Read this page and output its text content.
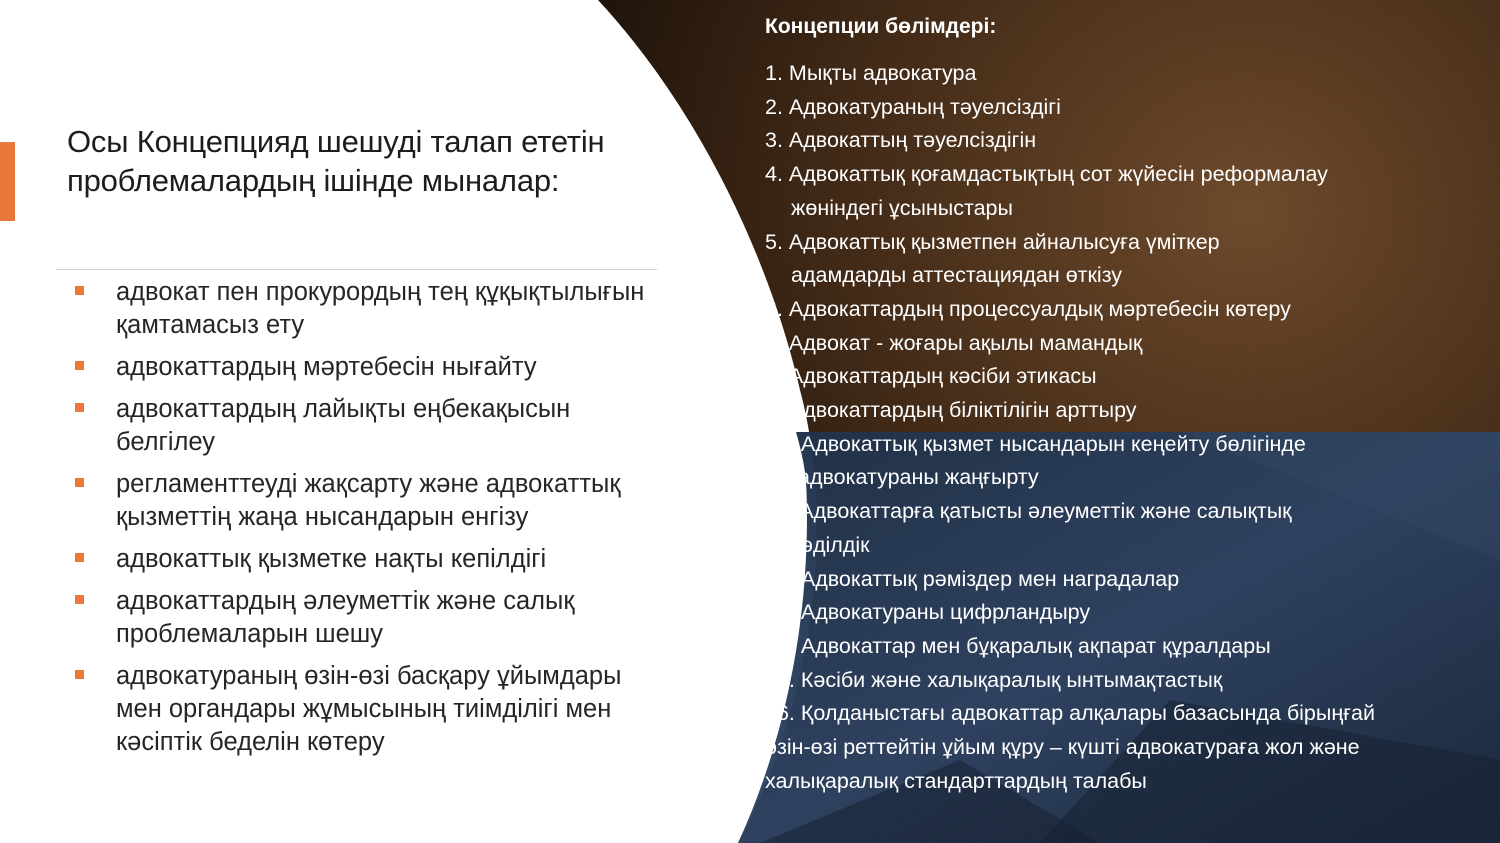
Осы Концепцияд шешуді талап ететін
проблемалардың ішінде мыналар:
адвокат пен прокурордың тең құқықтылығын
қамтамасыз ету
адвокаттардың мәртебесін нығайту
адвокаттардың лайықты еңбекақысын
белгілеу
регламенттеуді жақсарту және адвокаттық
қызметтің жаңа нысандарын енгізу
адвокаттық қызметке нақты кепілдігі
адвокаттардың әлеуметтік және салық
проблемаларын шешу
адвокатураның өзін-өзі басқару ұйымдары
мен органдары жұмысының тиімділігі мен
кәсіптік беделін көтеру
Концепции бөлімдері:
1. Мықты адвокатура
2. Адвокатураның тәуелсіздігі
3. Адвокаттың тәуелсіздігін
4. Адвокаттық қоғамдастықтың сот жүйесін реформалау
жөніндегі ұсыныстары
5. Адвокаттық қызметпен айналысуға үміткер
адамдарды аттестациядан өткізу
6. Адвокаттардың процессуалдық мәртебесін көтеру
7. Адвокат - жоғары ақылы мамандық
8. Адвокаттардың кәсіби этикасы
9. Адвокаттардың біліктілігін арттыру
10. Адвокаттық қызмет нысандарын кеңейту бөлігінде
адвокатураны жаңғырту
11. Адвокаттарға қатысты әлеуметтік және салықтық
әділдік
12. Адвокаттық рәміздер мен наградалар
13. Адвокатураны цифрландыру
14. Адвокаттар мен бұқаралық ақпарат құралдары
15. Кәсіби және халықаралық ынтымақтастық
16. Қолданыстағы адвокаттар алқалары базасында бірыңғай
өзін-өзі реттейтін ұйым құру – күшті адвокатураға жол және
халықаралық стандарттардың талабы
